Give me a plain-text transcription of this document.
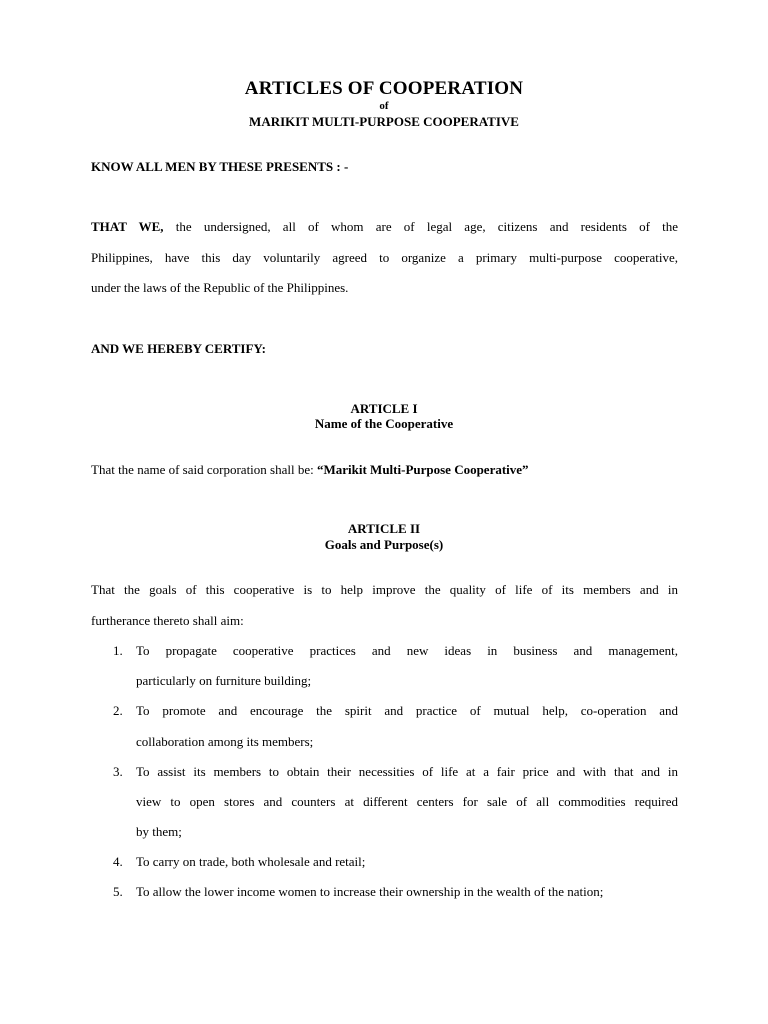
ARTICLES OF COOPERATION
of
MARIKIT MULTI-PURPOSE COOPERATIVE
KNOW ALL MEN BY THESE PRESENTS : -
THAT WE, the undersigned, all of whom are of legal age, citizens and residents of the
Philippines, have this day voluntarily agreed to organize a primary multi-purpose cooperative,
under the laws of the Republic of the Philippines.
AND WE HEREBY CERTIFY:
ARTICLE I
Name of the Cooperative
That the name of said corporation shall be: “Marikit Multi-Purpose Cooperative”
ARTICLE II
Goals and Purpose(s)
That the goals of this cooperative is to help improve the quality of life of its members and in
furtherance thereto shall aim:
1. To propagate cooperative practices and new ideas in business and management,
particularly on furniture building;
2. To promote and encourage the spirit and practice of mutual help, co-operation and
collaboration among its members;
3. To assist its members to obtain their necessities of life at a fair price and with that and in
view to open stores and counters at different centers for sale of all commodities required
by them;
4. To carry on trade, both wholesale and retail;
5. To allow the lower income women to increase their ownership in the wealth of the nation;
